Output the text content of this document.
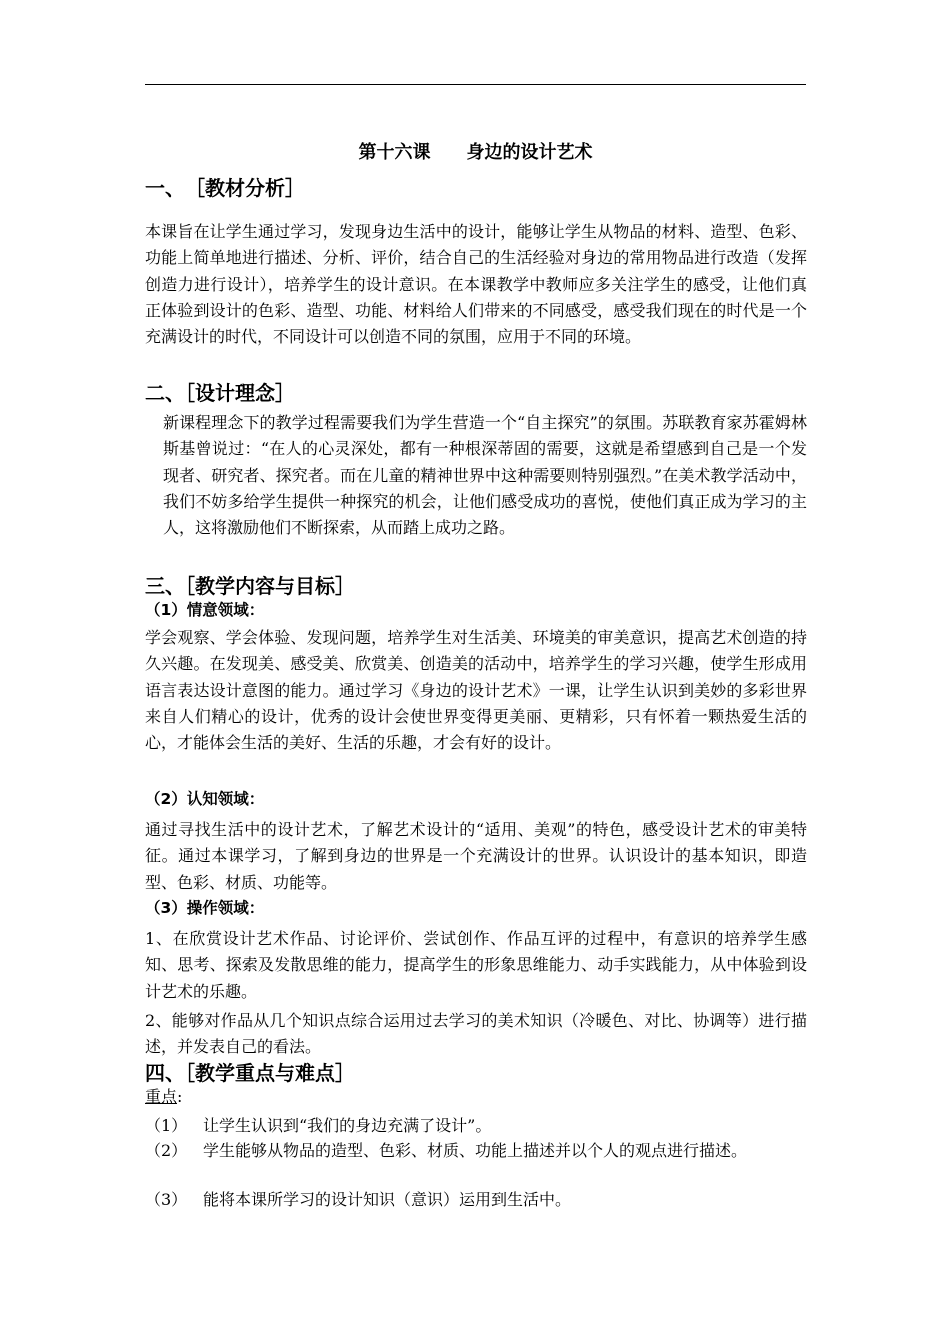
第十六课　　身边的设计艺术
一、　［教材分析］
本课旨在让学生通过学习，发现身边生活中的设计，能够让学生从物品的材料、造型、色彩、功能上简单地进行描述、分析、评价，结合自己的生活经验对身边的常用物品进行改造（发挥创造力进行设计），培养学生的设计意识。在本课教学中教师应多关注学生的感受，让他们真正体验到设计的色彩、造型、功能、材料给人们带来的不同感受，感受我们现在的时代是一个充满设计的时代，不同设计可以创造不同的氛围，应用于不同的环境。
二、［设计理念］
新课程理念下的教学过程需要我们为学生营造一个“自主探究”的氛围。苏联教育家苏霍姆林斯基曾说过：“在人的心灵深处，都有一种根深蒂固的需要，这就是希望感到自己是一个发现者、研究者、探究者。而在儿童的精神世界中这种需要则特别强烈。”在美术教学活动中，我们不妨多给学生提供一种探究的机会，让他们感受成功的喜悦，使他们真正成为学习的主人，这将激励他们不断探索，从而踏上成功之路。
三、［教学内容与目标］
（1）情意领域：
学会观察、学会体验、发现问题，培养学生对生活美、环境美的审美意识，提高艺术创造的持久兴趣。在发现美、感受美、欣赏美、创造美的活动中，培养学生的学习兴趣，使学生形成用语言表达设计意图的能力。通过学习《身边的设计艺术》一课，让学生认识到美妙的多彩世界来自人们精心的设计，优秀的设计会使世界变得更美丽、更精彩，只有怀着一颗热爱生活的心，才能体会生活的美好、生活的乐趣，才会有好的设计。
（2）认知领域：
通过寻找生活中的设计艺术，了解艺术设计的“适用、美观”的特色，感受设计艺术的审美特征。通过本课学习，了解到身边的世界是一个充满设计的世界。认识设计的基本知识，即造型、色彩、材质、功能等。
（3）操作领域：
1、在欣赏设计艺术作品、讨论评价、尝试创作、作品互评的过程中，有意识的培养学生感知、思考、探索及发散思维的能力，提高学生的形象思维能力、动手实践能力，从中体验到设计艺术的乐趣。
2、能够对作品从几个知识点综合运用过去学习的美术知识（冷暖色、对比、协调等）进行描述，并发表自己的看法。
四、［教学重点与难点］
重点:
（1） 让学生认识到“我们的身边充满了设计”。
（2） 学生能够从物品的造型、色彩、材质、功能上描述并以个人的观点进行描述。
（3） 能将本课所学习的设计知识（意识）运用到生活中。
